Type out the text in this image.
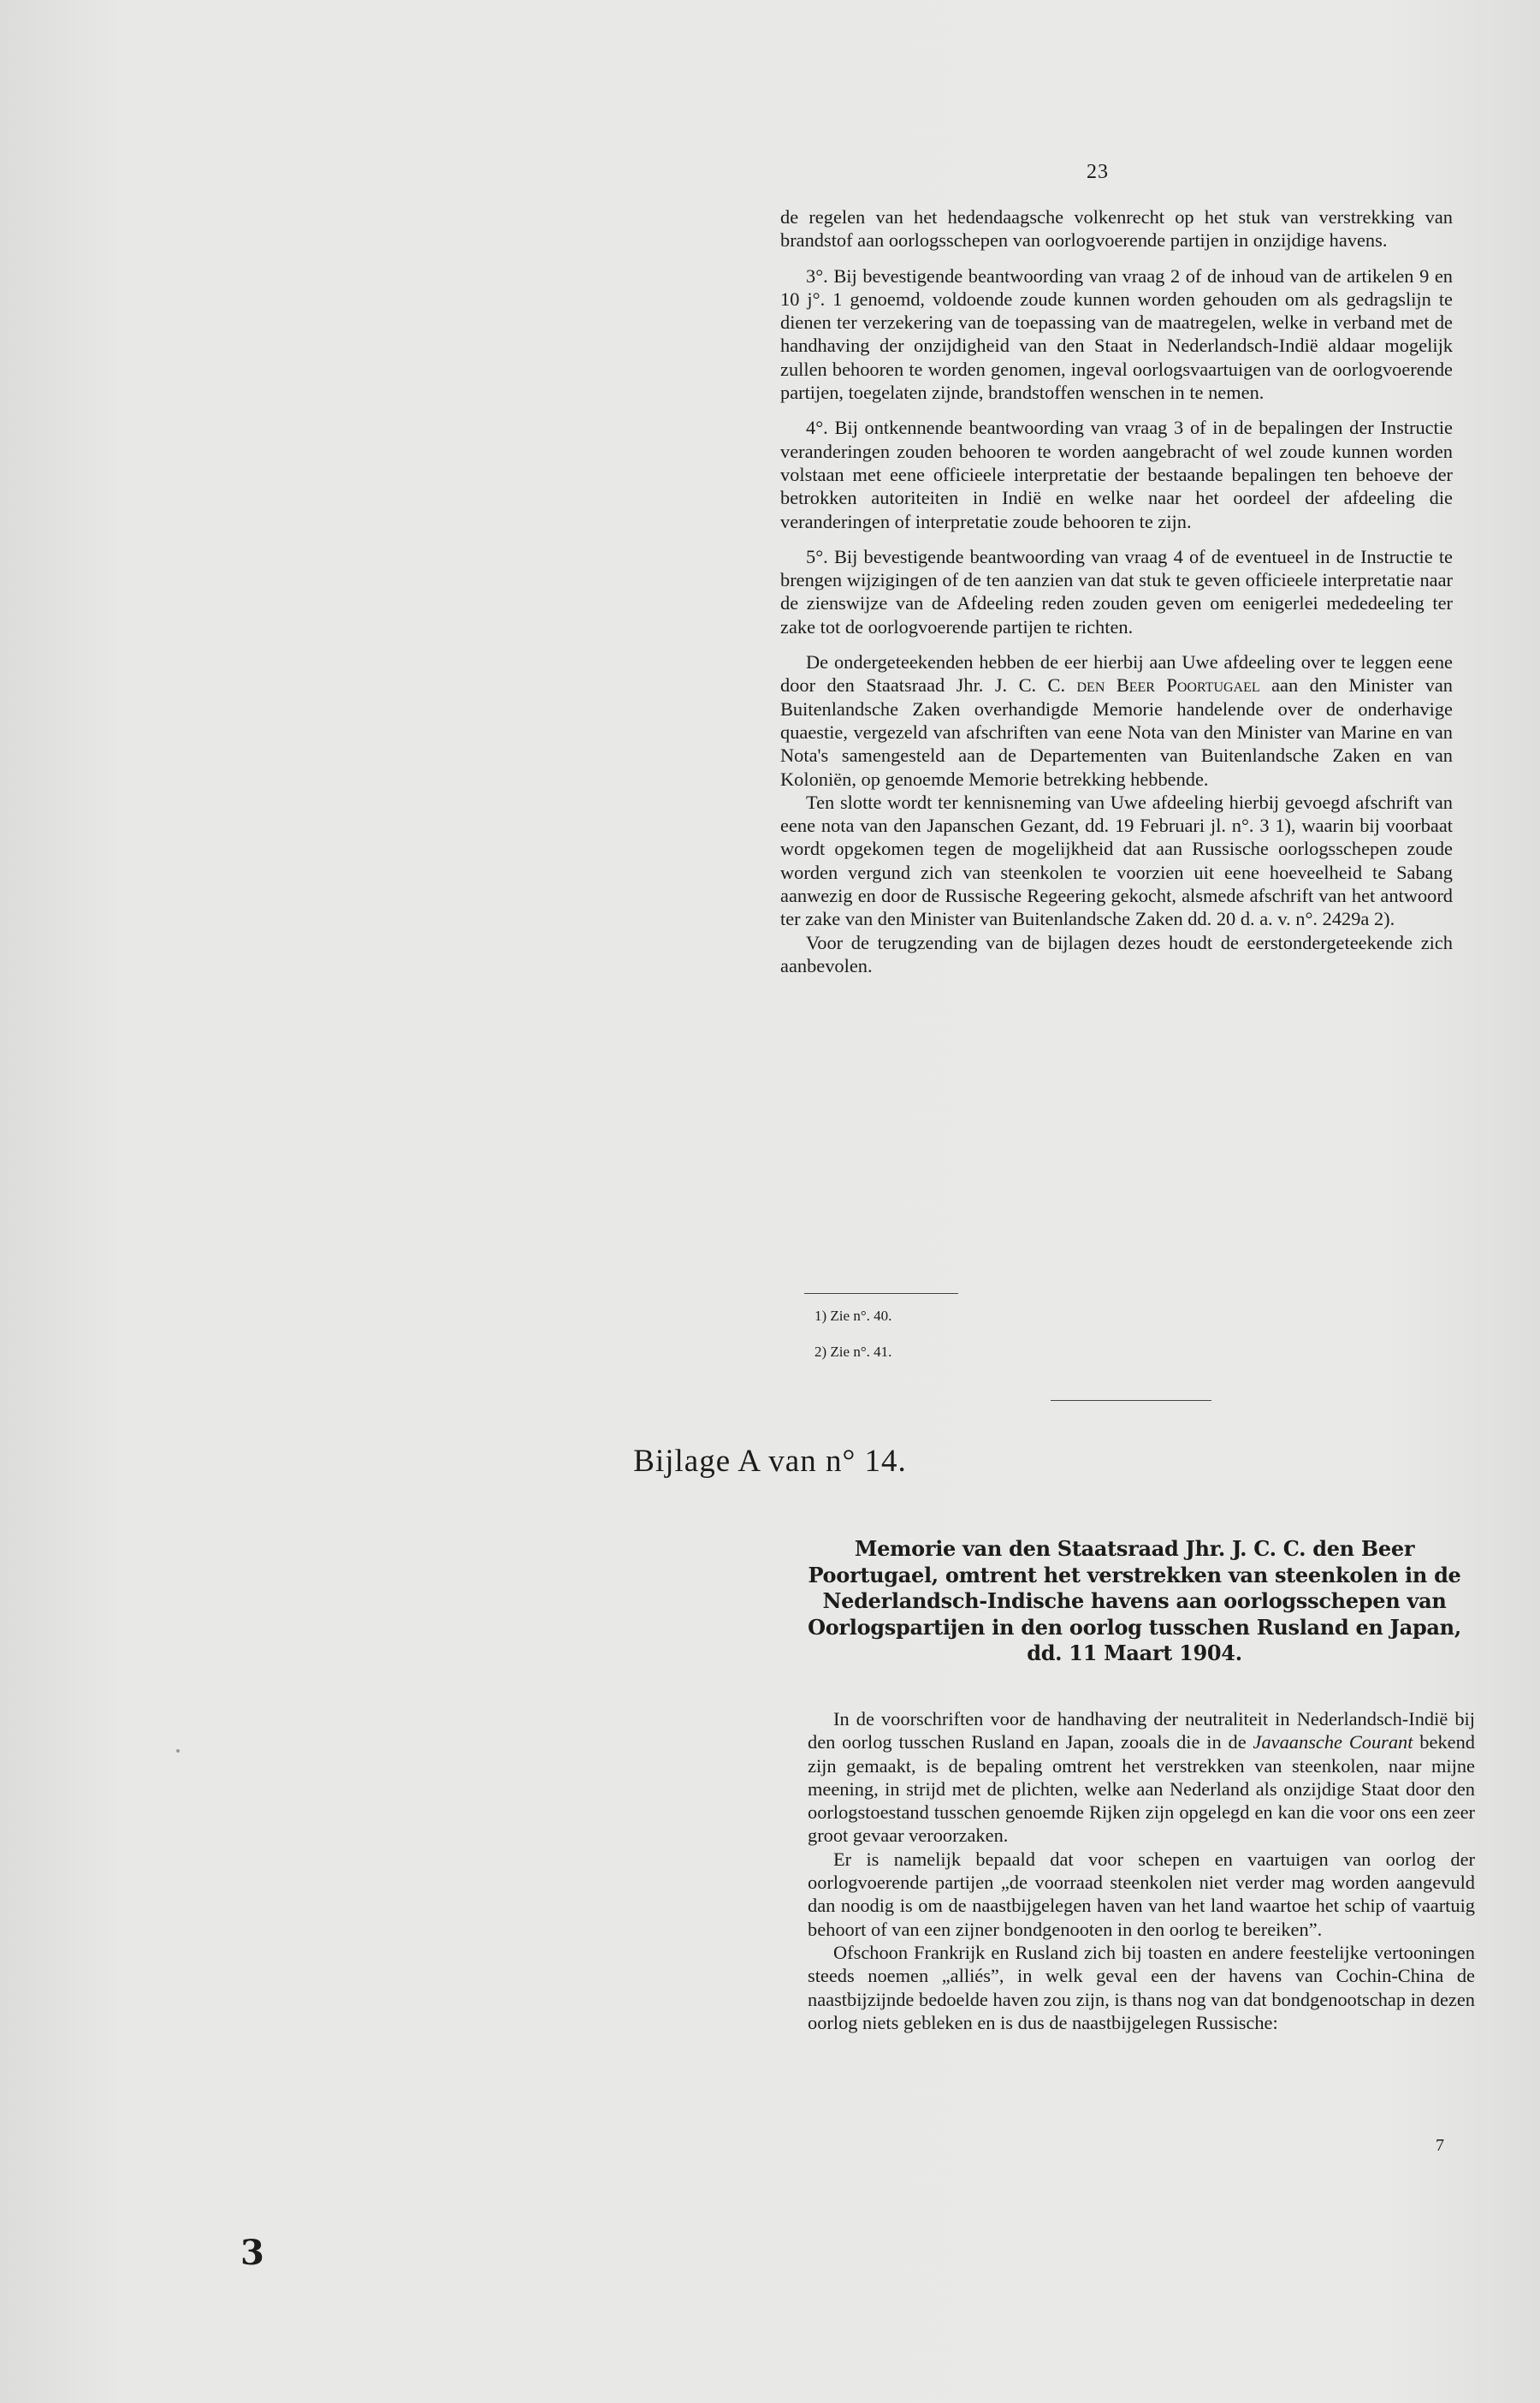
23

de regelen van het hedendaagsche volkenrecht op het stuk van verstrekking van brandstof aan oorlogsschepen van oorlogvoerende partijen in onzijdige havens.

3°. Bij bevestigende beantwoording van vraag 2 of de inhoud van de artikelen 9 en 10 j°. 1 genoemd, voldoende zoude kunnen worden gehouden om als gedragslijn te dienen ter verzekering van de toepassing van de maatregelen, welke in verband met de handhaving der onzijdigheid van den Staat in Nederlandsch-Indië aldaar mogelijk zullen behooren te worden genomen, ingeval oorlogsvaartuigen van de oorlogvoerende partijen, toegelaten zijnde, brandstoffen wenschen in te nemen.

4°. Bij ontkennende beantwoording van vraag 3 of in de bepalingen der Instructie veranderingen zouden behooren te worden aangebracht of wel zoude kunnen worden volstaan met eene officieele interpretatie der bestaande bepalingen ten behoeve der betrokken autoriteiten in Indië en welke naar het oordeel der afdeeling die veranderingen of interpretatie zoude behooren te zijn.

5°. Bij bevestigende beantwoording van vraag 4 of de eventueel in de Instructie te brengen wijzigingen of de ten aanzien van dat stuk te geven officieele interpretatie naar de zienswijze van de Afdeeling reden zouden geven om eenigerlei mededeeling ter zake tot de oorlogvoerende partijen te richten.

De ondergeteekenden hebben de eer hierbij aan Uwe afdeeling over te leggen eene door den Staatsraad Jhr. J. C. C. den Beer Poortugael aan den Minister van Buitenlandsche Zaken overhandigde Memorie handelende over de onderhavige quaestie, vergezeld van afschriften van eene Nota van den Minister van Marine en van Nota's samengesteld aan de Departementen van Buitenlandsche Zaken en van Koloniën, op genoemde Memorie betrekking hebbende.

Ten slotte wordt ter kennisneming van Uwe afdeeling hierbij gevoegd afschrift van eene nota van den Japanschen Gezant, dd. 19 Februari jl. n°. 3 1), waarin bij voorbaat wordt opgekomen tegen de mogelijkheid dat aan Russische oorlogsschepen zoude worden vergund zich van steenkolen te voorzien uit eene hoeveelheid te Sabang aanwezig en door de Russische Regeering gekocht, alsmede afschrift van het antwoord ter zake van den Minister van Buitenlandsche Zaken dd. 20 d. a. v. n°. 2429a 2).

Voor de terugzending van de bijlagen dezes houdt de eerstondergeteekende zich aanbevolen.

1) Zie n°. 40.
2) Zie n°. 41.
Bijlage A van n° 14.
Memorie van den Staatsraad Jhr. J. C. C. den Beer Poortugael, omtrent het verstrekken van steenkolen in de Nederlandsch-Indische havens aan oorlogsschepen van Oorlogspartijen in den oorlog tusschen Rusland en Japan, dd. 11 Maart 1904.

In de voorschriften voor de handhaving der neutraliteit in Nederlandsch-Indië bij den oorlog tusschen Rusland en Japan, zooals die in de Javaansche Courant bekend zijn gemaakt, is de bepaling omtrent het verstrekken van steenkolen, naar mijne meening, in strijd met de plichten, welke aan Nederland als onzijdige Staat door den oorlogstoestand tusschen genoemde Rijken zijn opgelegd en kan die voor ons een zeer groot gevaar veroorzaken.

Er is namelijk bepaald dat voor schepen en vaartuigen van oorlog der oorlogvoerende partijen „de voorraad steenkolen niet verder mag worden aangevuld dan noodig is om de naastbijgelegen haven van het land waartoe het schip of vaartuig behoort of van een zijner bondgenooten in den oorlog te bereiken”.

Ofschoon Frankrijk en Rusland zich bij toasten en andere feestelijke vertooningen steeds noemen „alliés”, in welk geval een der havens van Cochin-China de naastbijzijnde bedoelde haven zou zijn, is thans nog van dat bondgenootschap in dezen oorlog niets gebleken en is dus de naastbijgelegen Russische:

7
3
